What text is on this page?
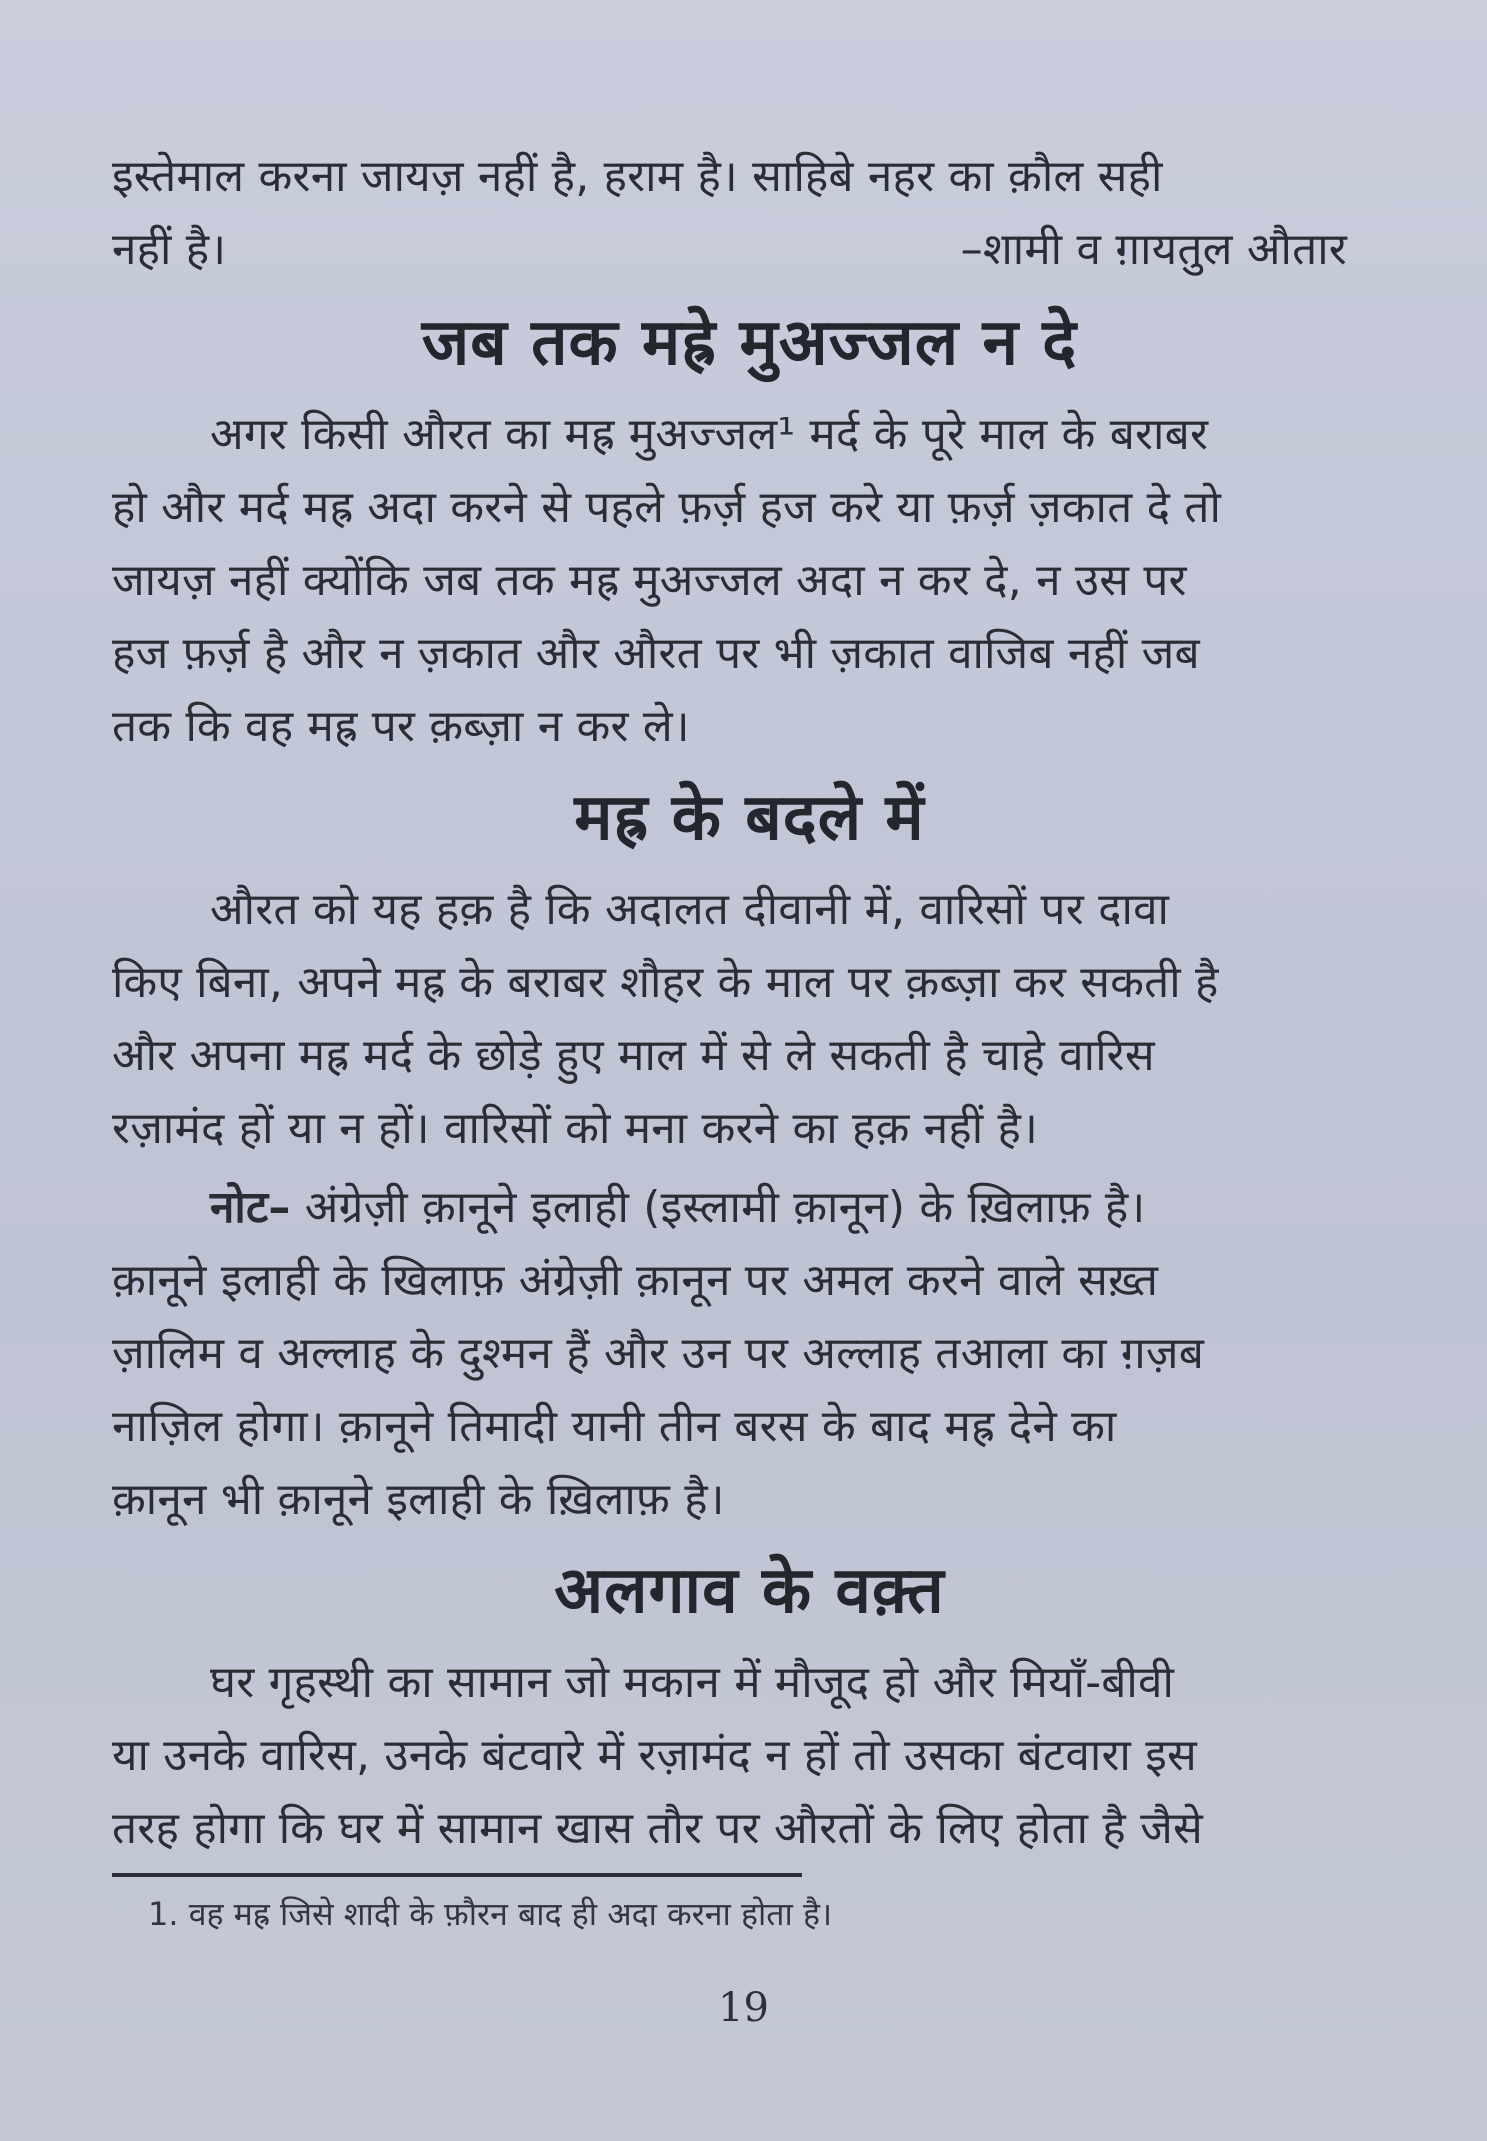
इस्तेमाल करना जायज़ नहीं है, हराम है। साहिबे नहर का क़ौल सही
नहीं है।	–शामी व ग़ायतुल औतार
जब तक मह्रे मुअज्जल न दे
अगर किसी औरत का मह्र मुअज्जल¹ मर्द के पूरे माल के बराबर
हो और मर्द मह्र अदा करने से पहले फ़र्ज़ हज करे या फ़र्ज़ ज़कात दे तो
जायज़ नहीं क्योंकि जब तक मह्र मुअज्जल अदा न कर दे, न उस पर
हज फ़र्ज़ है और न ज़कात और औरत पर भी ज़कात वाजिब नहीं जब
तक कि वह मह्र पर क़ब्ज़ा न कर ले।
मह्र के बदले में
औरत को यह हक़ है कि अदालत दीवानी में, वारिसों पर दावा
किए बिना, अपने मह्र के बराबर शौहर के माल पर क़ब्ज़ा कर सकती है
और अपना मह्र मर्द के छोड़े हुए माल में से ले सकती है चाहे वारिस
रज़ामंद हों या न हों। वारिसों को मना करने का हक़ नहीं है।
नोट– अंग्रेज़ी क़ानूने इलाही (इस्लामी क़ानून) के ख़िलाफ़ है।
क़ानूने इलाही के खिलाफ़ अंग्रेज़ी क़ानून पर अमल करने वाले सख़्त
ज़ालिम व अल्लाह के दुश्मन हैं और उन पर अल्लाह तआला का ग़ज़ब
नाज़िल होगा। क़ानूने तिमादी यानी तीन बरस के बाद मह्र देने का
क़ानून भी क़ानूने इलाही के ख़िलाफ़ है।
अलगाव के वक़्त
घर गृहस्थी का सामान जो मकान में मौजूद हो और मियाँ-बीवी
या उनके वारिस, उनके बंटवारे में रज़ामंद न हों तो उसका बंटवारा इस
तरह होगा कि घर में सामान खास तौर पर औरतों के लिए होता है जैसे
1. वह मह्र जिसे शादी के फ़ौरन बाद ही अदा करना होता है।
19
